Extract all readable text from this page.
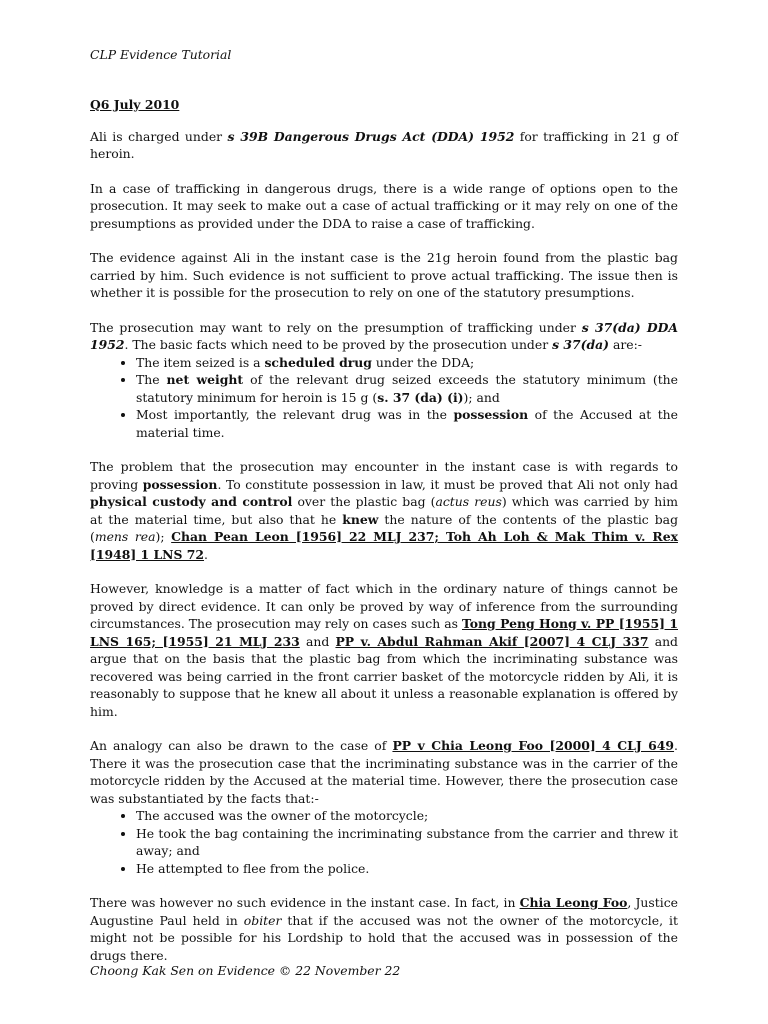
CLP Evidence Tutorial

Q6 July 2010

Ali is charged under s 39B Dangerous Drugs Act (DDA) 1952 for trafficking in 21 g of heroin.

In a case of trafficking in dangerous drugs, there is a wide range of options open to the prosecution. It may seek to make out a case of actual trafficking or it may rely on one of the presumptions as provided under the DDA to raise a case of trafficking.

The evidence against Ali in the instant case is the 21g heroin found from the plastic bag carried by him. Such evidence is not sufficient to prove actual trafficking. The issue then is whether it is possible for the prosecution to rely on one of the statutory presumptions.

The prosecution may want to rely on the presumption of trafficking under s 37(da) DDA 1952. The basic facts which need to be proved by the prosecution under s 37(da) are:-

• The item seized is a scheduled drug under the DDA;
• The net weight of the relevant drug seized exceeds the statutory minimum (the statutory minimum for heroin is 15 g (s. 37 (da) (i)); and
• Most importantly, the relevant drug was in the possession of the Accused at the material time.

The problem that the prosecution may encounter in the instant case is with regards to proving possession. To constitute possession in law, it must be proved that Ali not only had physical custody and control over the plastic bag (actus reus) which was carried by him at the material time, but also that he knew the nature of the contents of the plastic bag (mens rea); Chan Pean Leon [1956] 22 MLJ 237; Toh Ah Loh & Mak Thim v. Rex [1948] 1 LNS 72.

However, knowledge is a matter of fact which in the ordinary nature of things cannot be proved by direct evidence. It can only be proved by way of inference from the surrounding circumstances. The prosecution may rely on cases such as Tong Peng Hong v. PP [1955] 1 LNS 165; [1955] 21 MLJ 233 and PP v. Abdul Rahman Akif [2007] 4 CLJ 337 and argue that on the basis that the plastic bag from which the incriminating substance was recovered was being carried in the front carrier basket of the motorcycle ridden by Ali, it is reasonably to suppose that he knew all about it unless a reasonable explanation is offered by him.

An analogy can also be drawn to the case of PP v Chia Leong Foo [2000] 4 CLJ 649. There it was the prosecution case that the incriminating substance was in the carrier of the motorcycle ridden by the Accused at the material time. However, there the prosecution case was substantiated by the facts that:-

• The accused was the owner of the motorcycle;
• He took the bag containing the incriminating substance from the carrier and threw it away; and
• He attempted to flee from the police.

There was however no such evidence in the instant case. In fact, in Chia Leong Foo, Justice Augustine Paul held in obiter that if the accused was not the owner of the motorcycle, it might not be possible for his Lordship to hold that the accused was in possession of the drugs there.

Choong Kak Sen on Evidence © 22 November 22
